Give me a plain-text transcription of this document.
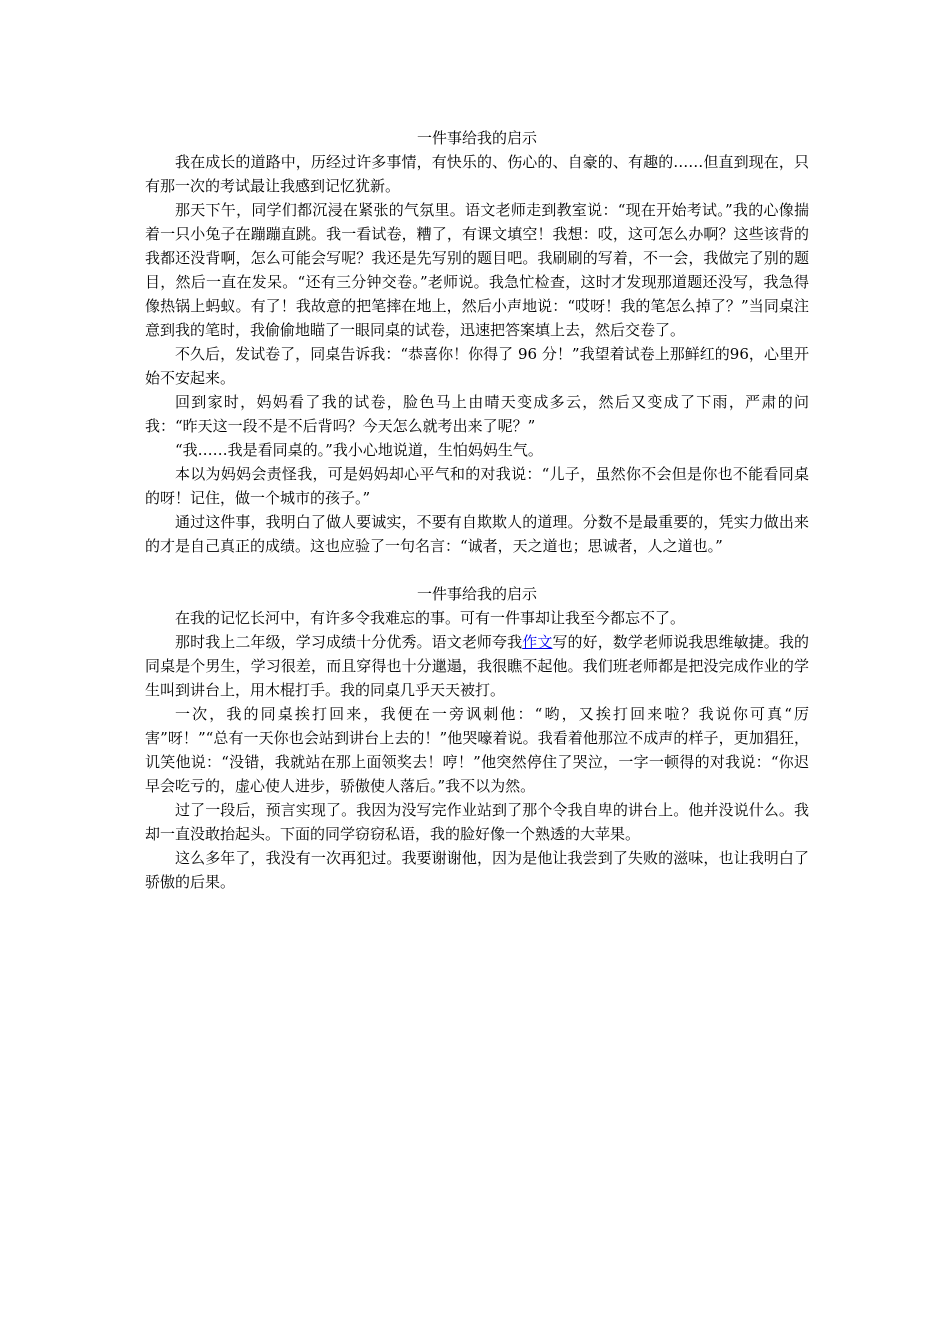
一件事给我的启示

我在成长的道路中，历经过许多事情，有快乐的、伤心的、自豪的、有趣的……但直到现在，只有那一次的考试最让我感到记忆犹新。

那天下午，同学们都沉浸在紧张的气氛里。语文老师走到教室说：“现在开始考试。”我的心像揣着一只小兔子在蹦蹦直跳。我一看试卷，糟了，有课文填空！我想：哎，这可怎么办啊？这些该背的我都还没背啊，怎么可能会写呢？我还是先写别的题目吧。我刷刷的写着，不一会，我做完了别的题目，然后一直在发呆。“还有三分钟交卷。”老师说。我急忙检查，这时才发现那道题还没写，我急得像热锅上蚂蚁。有了！我故意的把笔摔在地上，然后小声地说：“哎呀！我的笔怎么掉了？”当同桌注意到我的笔时，我偷偷地瞄了一眼同桌的试卷，迅速把答案填上去，然后交卷了。

不久后，发试卷了，同桌告诉我：“恭喜你！你得了 96 分！”我望着试卷上那鲜红的96，心里开始不安起来。

回到家时，妈妈看了我的试卷，脸色马上由晴天变成多云，然后又变成了下雨，严肃的问我：“昨天这一段不是不后背吗？今天怎么就考出来了呢？”

“我……我是看同桌的。”我小心地说道，生怕妈妈生气。

本以为妈妈会责怪我，可是妈妈却心平气和的对我说：“儿子，虽然你不会但是你也不能看同桌的呀！记住，做一个城市的孩子。”

通过这件事，我明白了做人要诚实，不要有自欺欺人的道理。分数不是最重要的，凭实力做出来的才是自己真正的成绩。这也应验了一句名言：“诚者，天之道也；思诚者，人之道也。”

一件事给我的启示

在我的记忆长河中，有许多令我难忘的事。可有一件事却让我至今都忘不了。

那时我上二年级，学习成绩十分优秀。语文老师夸我作文写的好，数学老师说我思维敏捷。我的同桌是个男生，学习很差，而且穿得也十分邋遢，我很瞧不起他。我们班老师都是把没完成作业的学生叫到讲台上，用木棍打手。我的同桌几乎天天被打。

一次，我的同桌挨打回来，我便在一旁讽刺他：“哟，又挨打回来啦？我说你可真“厉害”呀！”“总有一天你也会站到讲台上去的！”他哭嚎着说。我看着他那泣不成声的样子，更加猖狂，讥笑他说：“没错，我就站在那上面领奖去！哼！”他突然停住了哭泣，一字一顿得的对我说：“你迟早会吃亏的，虚心使人进步，骄傲使人落后。”我不以为然。

过了一段后，预言实现了。我因为没写完作业站到了那个令我自卑的讲台上。他并没说什么。我却一直没敢抬起头。下面的同学窃窃私语，我的脸好像一个熟透的大苹果。

这么多年了，我没有一次再犯过。我要谢谢他，因为是他让我尝到了失败的滋味，也让我明白了骄傲的后果。
